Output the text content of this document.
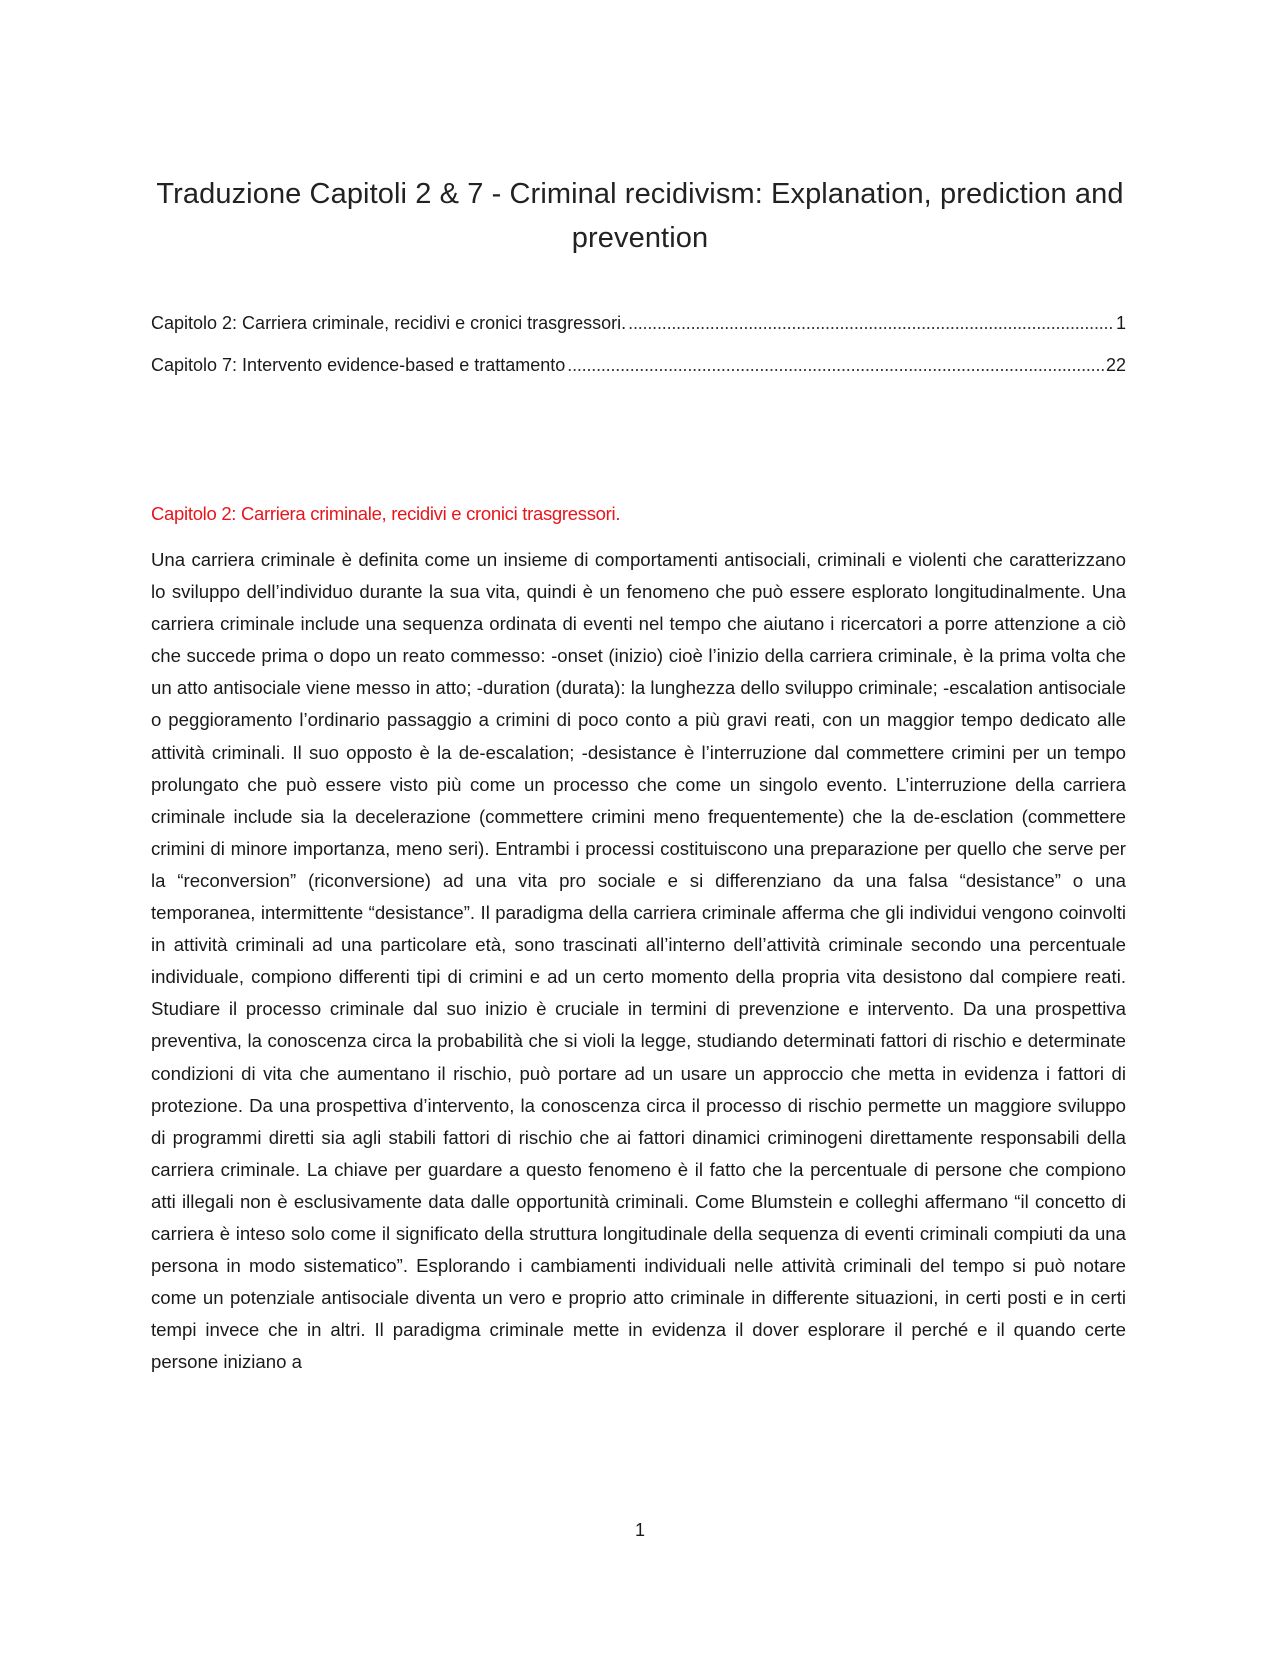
Traduzione Capitoli 2 & 7 - Criminal recidivism: Explanation, prediction and prevention
Capitolo 2: Carriera criminale, recidivi e cronici trasgressori. . . .	1
Capitolo 7: Intervento evidence-based e trattamento . . .	22
Capitolo 2: Carriera criminale, recidivi e cronici trasgressori.

Una carriera criminale è definita come un insieme di comportamenti antisociali, criminali e violenti che caratterizzano lo sviluppo dell’individuo durante la sua vita, quindi è un fenomeno che può essere esplorato longitudinalmente. Una carriera criminale include una sequenza ordinata di eventi nel tempo che aiutano i ricercatori a porre attenzione a ciò che succede prima o dopo un reato commesso: -onset (inizio) cioè l’inizio della carriera criminale, è la prima volta che un atto antisociale viene messo in atto; -duration (durata): la lunghezza dello sviluppo criminale; -escalation antisociale o peggioramento l’ordinario passaggio a crimini di poco conto a più gravi reati, con un maggior tempo dedicato alle attività criminali. Il suo opposto è la de-escalation; -desistance è l’interruzione dal commettere crimini per un tempo prolungato che può essere visto più come un processo che come un singolo evento. L’interruzione della carriera criminale include sia la decelerazione (commettere crimini meno frequentemente) che la de-esclation (commettere crimini di minore importanza, meno seri). Entrambi i processi costituiscono una preparazione per quello che serve per la “reconversion” (riconversione) ad una vita pro sociale e si differenziano da una falsa “desistance” o una temporanea, intermittente “desistance”. Il paradigma della carriera criminale afferma che gli individui vengono coinvolti in attività criminali ad una particolare età, sono trascinati all’interno dell’attività criminale secondo una percentuale individuale, compiono differenti tipi di crimini e ad un certo momento della propria vita desistono dal compiere reati. Studiare il processo criminale dal suo inizio è cruciale in termini di prevenzione e intervento. Da una prospettiva preventiva, la conoscenza circa la probabilità che si violi la legge, studiando determinati fattori di rischio e determinate condizioni di vita che aumentano il rischio, può portare ad un usare un approccio che metta in evidenza i fattori di protezione. Da una prospettiva d’intervento, la conoscenza circa il processo di rischio permette un maggiore sviluppo di programmi diretti sia agli stabili fattori di rischio che ai fattori dinamici criminogeni direttamente responsabili della carriera criminale. La chiave per guardare a questo fenomeno è il fatto che la percentuale di persone che compiono atti illegali non è esclusivamente data dalle opportunità criminali. Come Blumstein e colleghi affermano “il concetto di carriera è inteso solo come il significato della struttura longitudinale della sequenza di eventi criminali compiuti da una persona in modo sistematico”. Esplorando i cambiamenti individuali nelle attività criminali del tempo si può notare come un potenziale antisociale diventa un vero e proprio atto criminale in differente situazioni, in certi posti e in certi tempi invece che in altri. Il paradigma criminale mette in evidenza il dover esplorare il perché e il quando certe persone iniziano a

1
